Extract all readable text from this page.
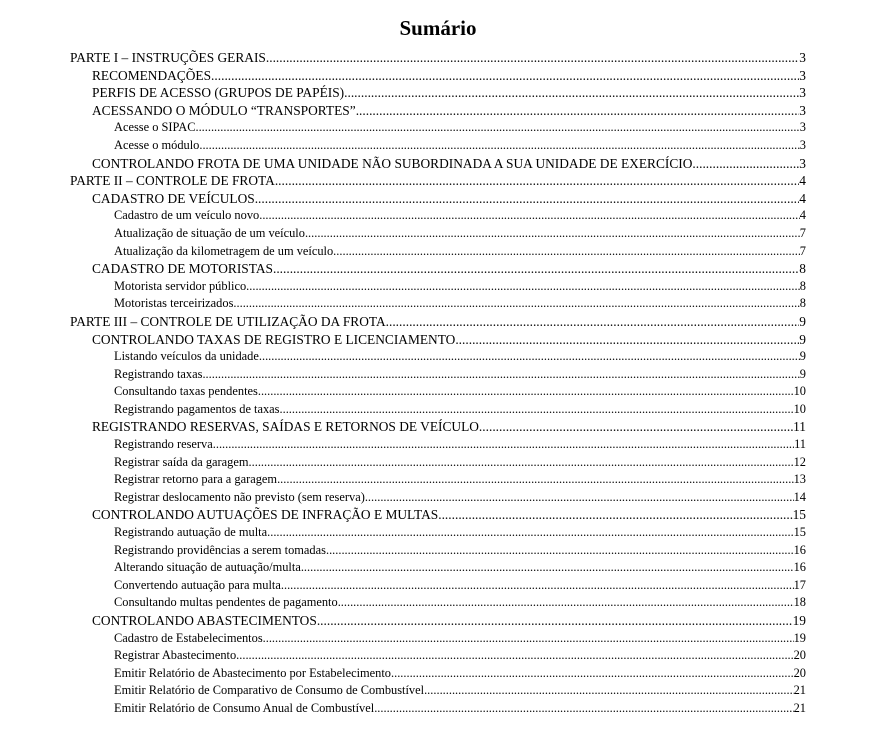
Sumário
PARTE I – INSTRUÇÕES GERAIS .....	3
RECOMENDAÇÕES .....	3
PERFIS DE ACESSO (GRUPOS DE PAPÉIS) .....	3
ACESSANDO O MÓDULO “TRANSPORTES” .....	3
Acesse o SIPAC .....	3
Acesse o módulo .....	3
CONTROLANDO FROTA DE UMA UNIDADE NÃO SUBORDINADA A SUA UNIDADE DE EXERCÍCIO .....	3
PARTE II – CONTROLE DE FROTA .....	4
CADASTRO DE VEÍCULOS .....	4
Cadastro de um veículo novo .....	4
Atualização de situação de um veículo .....	7
Atualização da kilometragem de um veículo .....	7
CADASTRO DE MOTORISTAS .....	8
Motorista servidor público .....	8
Motoristas terceirizados .....	8
PARTE III – CONTROLE DE UTILIZAÇÃO DA FROTA .....	9
CONTROLANDO TAXAS DE REGISTRO E LICENCIAMENTO .....	9
Listando veículos da unidade .....	9
Registrando taxas .....	9
Consultando taxas pendentes .....	10
Registrando pagamentos de taxas .....	10
REGISTRANDO RESERVAS, SAÍDAS E RETORNOS DE VEÍCULO .....	11
Registrando reserva .....	11
Registrar saída da garagem .....	12
Registrar retorno para a garagem .....	13
Registrar deslocamento não previsto (sem reserva) .....	14
CONTROLANDO AUTUAÇÕES DE INFRAÇÃO E MULTAS .....	15
Registrando autuação de multa .....	15
Registrando providências a serem tomadas .....	16
Alterando situação de autuação/multa .....	16
Convertendo autuação para multa .....	17
Consultando multas pendentes de pagamento .....	18
CONTROLANDO ABASTECIMENTOS .....	19
Cadastro de Estabelecimentos .....	19
Registrar Abastecimento .....	20
Emitir Relatório de Abastecimento por Estabelecimento .....	20
Emitir Relatório de Comparativo de Consumo de Combustível .....	21
Emitir Relatório de Consumo Anual de Combustível .....	21
